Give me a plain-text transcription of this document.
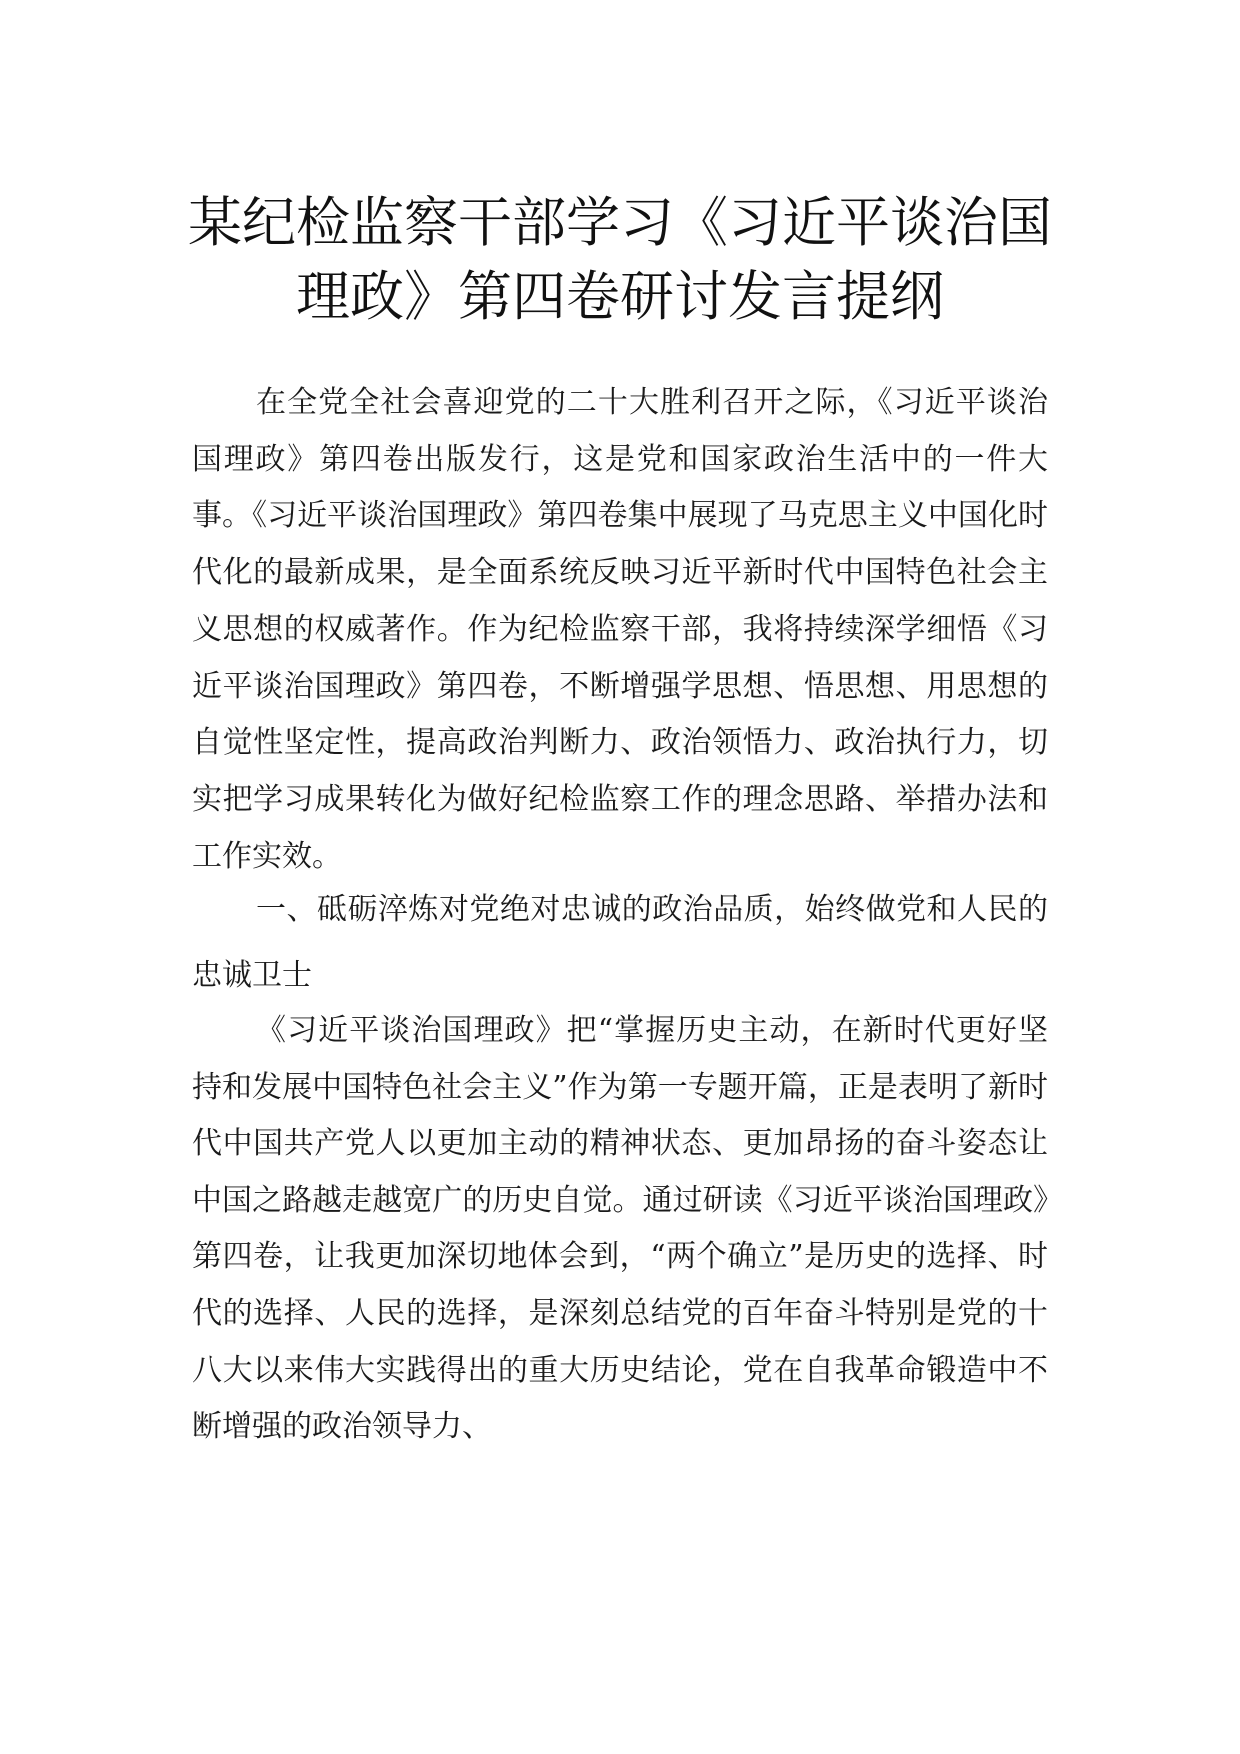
某纪检监察干部学习《习近平谈治国
理政》第四卷研讨发言提纲

在全党全社会喜迎党的二十大胜利召开之际，《习近平谈治国理政》第四卷出版发行，这是党和国家政治生活中的一件大事。《习近平谈治国理政》第四卷集中展现了马克思主义中国化时代化的最新成果，是全面系统反映习近平新时代中国特色社会主义思想的权威著作。作为纪检监察干部，我将持续深学细悟《习近平谈治国理政》第四卷，不断增强学思想、悟思想、用思想的自觉性坚定性，提高政治判断力、政治领悟力、政治执行力，切实把学习成果转化为做好纪检监察工作的理念思路、举措办法和工作实效。

一、砥砺淬炼对党绝对忠诚的政治品质，始终做党和人民的忠诚卫士

《习近平谈治国理政》把“掌握历史主动，在新时代更好坚持和发展中国特色社会主义”作为第一专题开篇，正是表明了新时代中国共产党人以更加主动的精神状态、更加昂扬的奋斗姿态让中国之路越走越宽广的历史自觉。通过研读《习近平谈治国理政》第四卷，让我更加深切地体会到，“两个确立”是历史的选择、时代的选择、人民的选择，是深刻总结党的百年奋斗特别是党的十八大以来伟大实践得出的重大历史结论，党在自我革命锻造中不断增强的政治领导力、
